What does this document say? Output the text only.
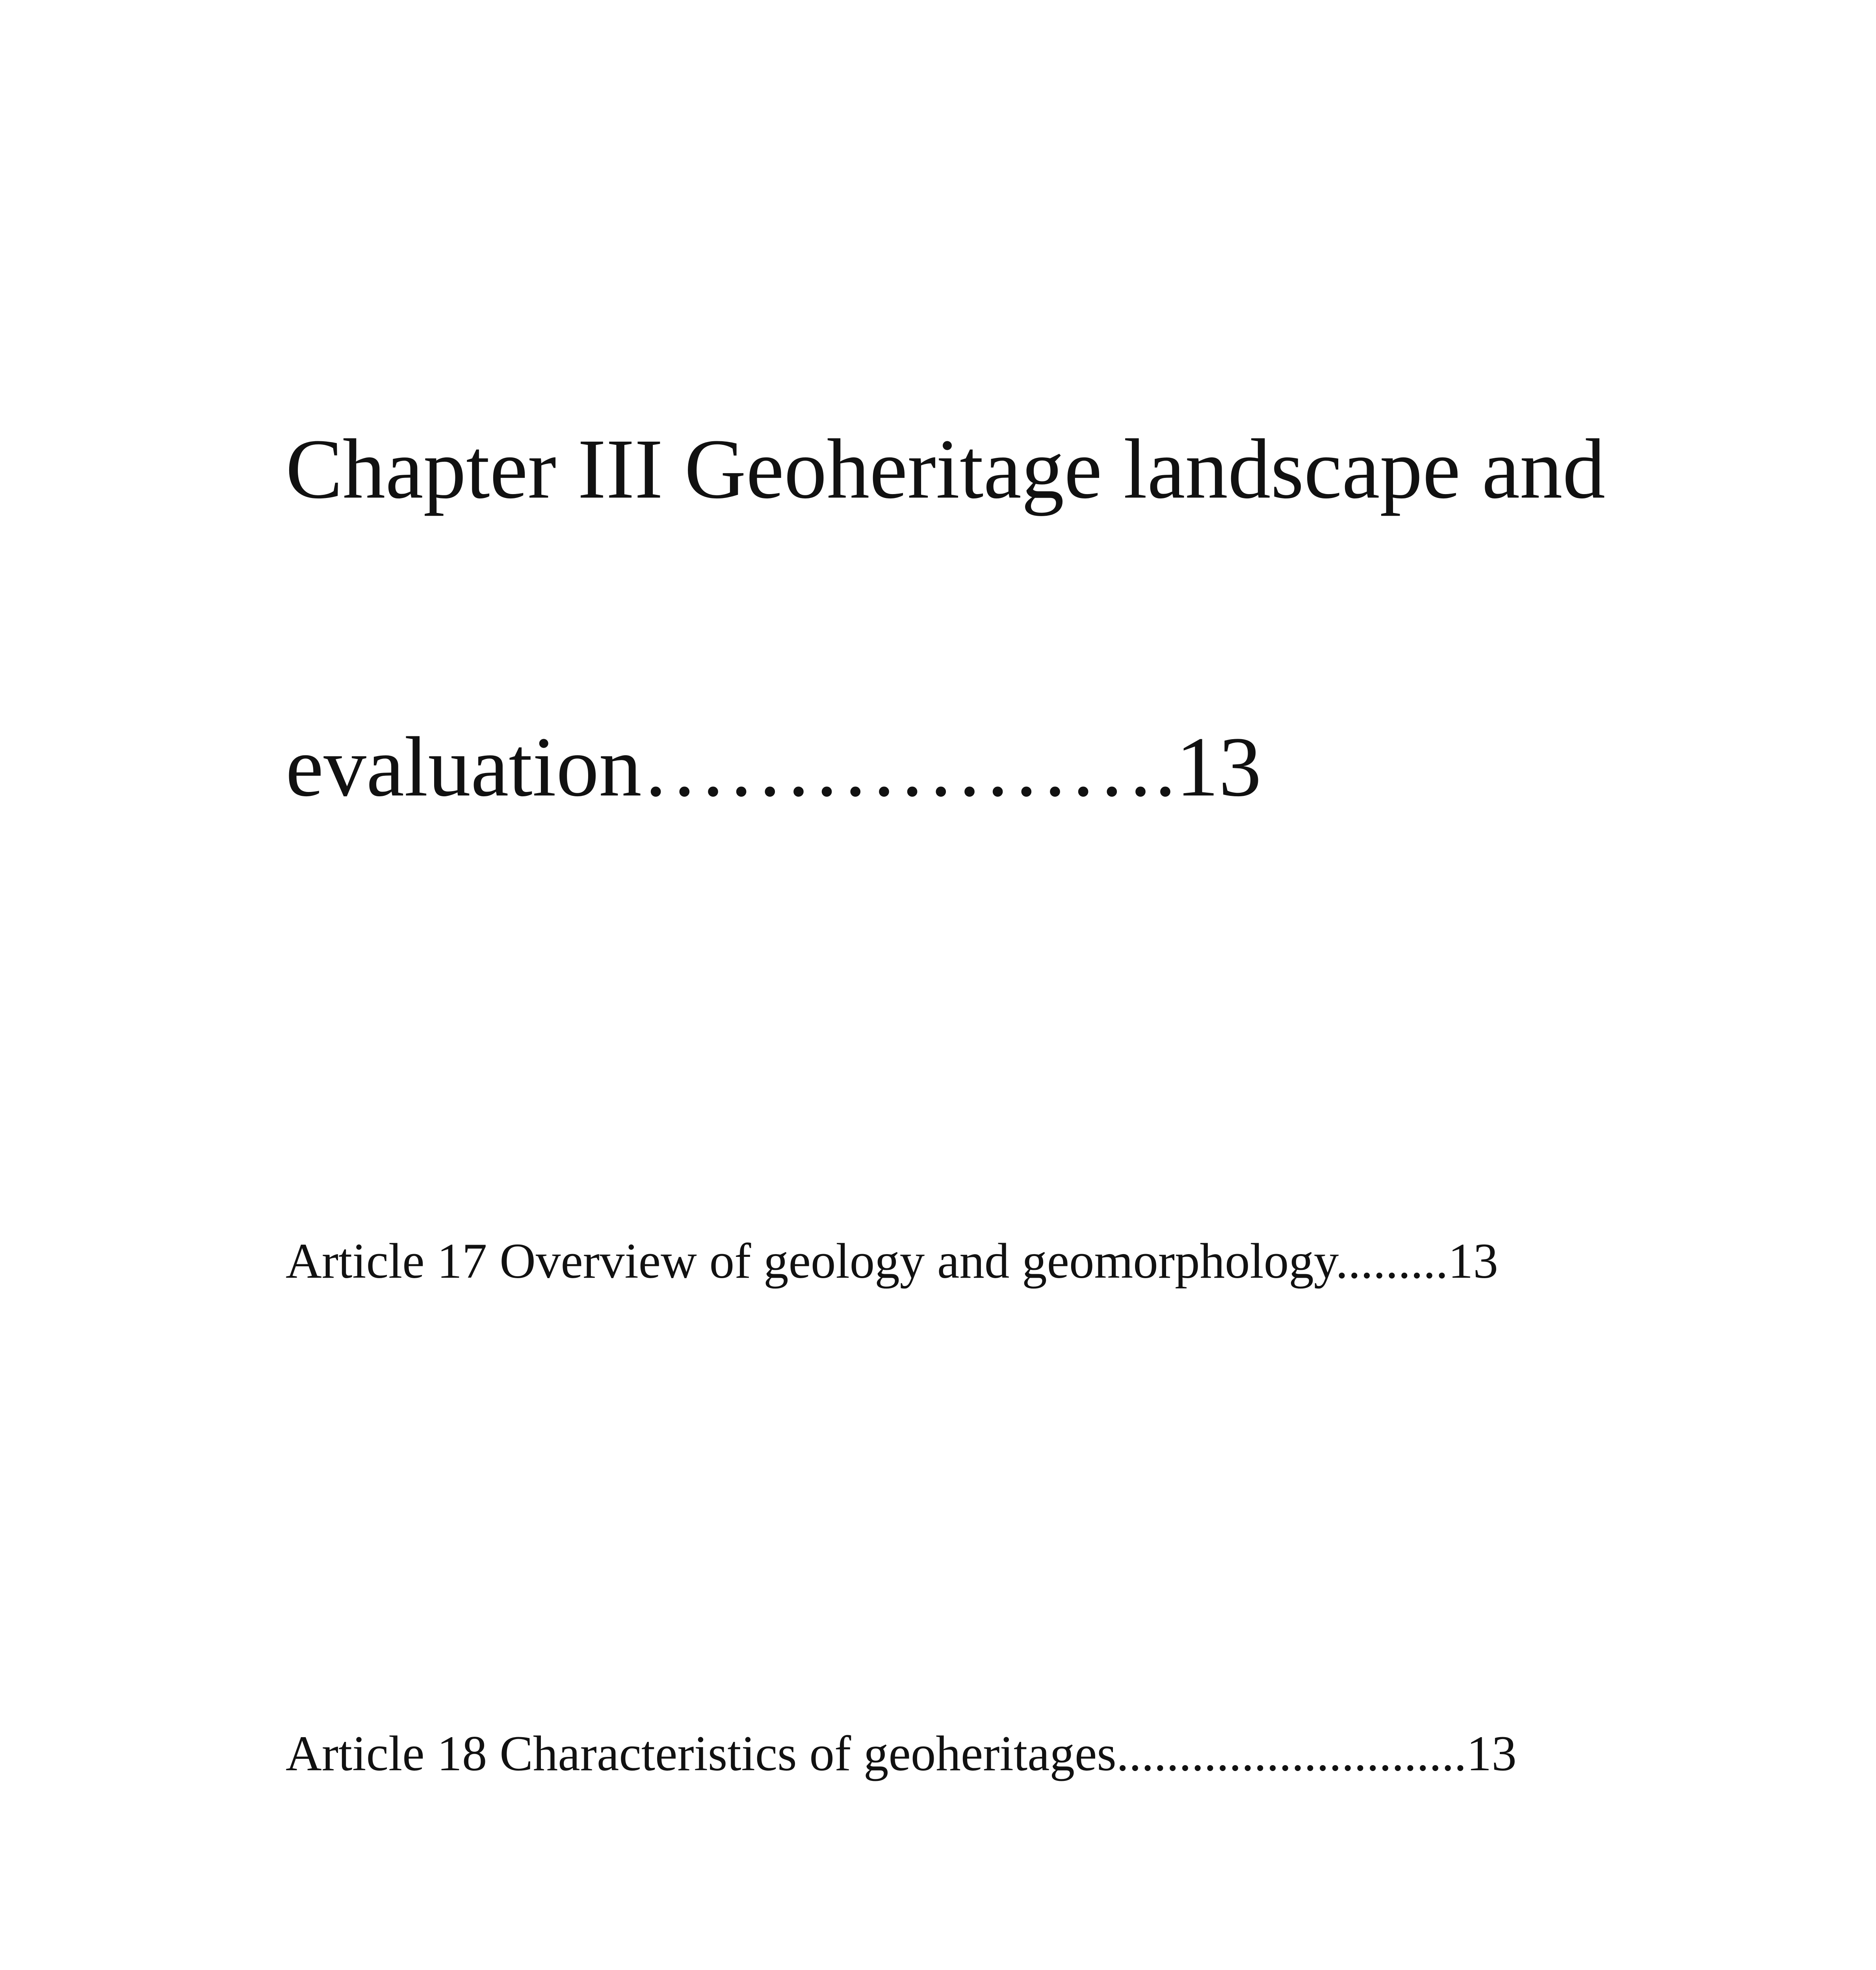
Chapter III Geoheritage landscape and

evaluation……………….13

Article 17 Overview of geology and geomorphology.........13

Article 18 Characteristics of geoheritages............................13
